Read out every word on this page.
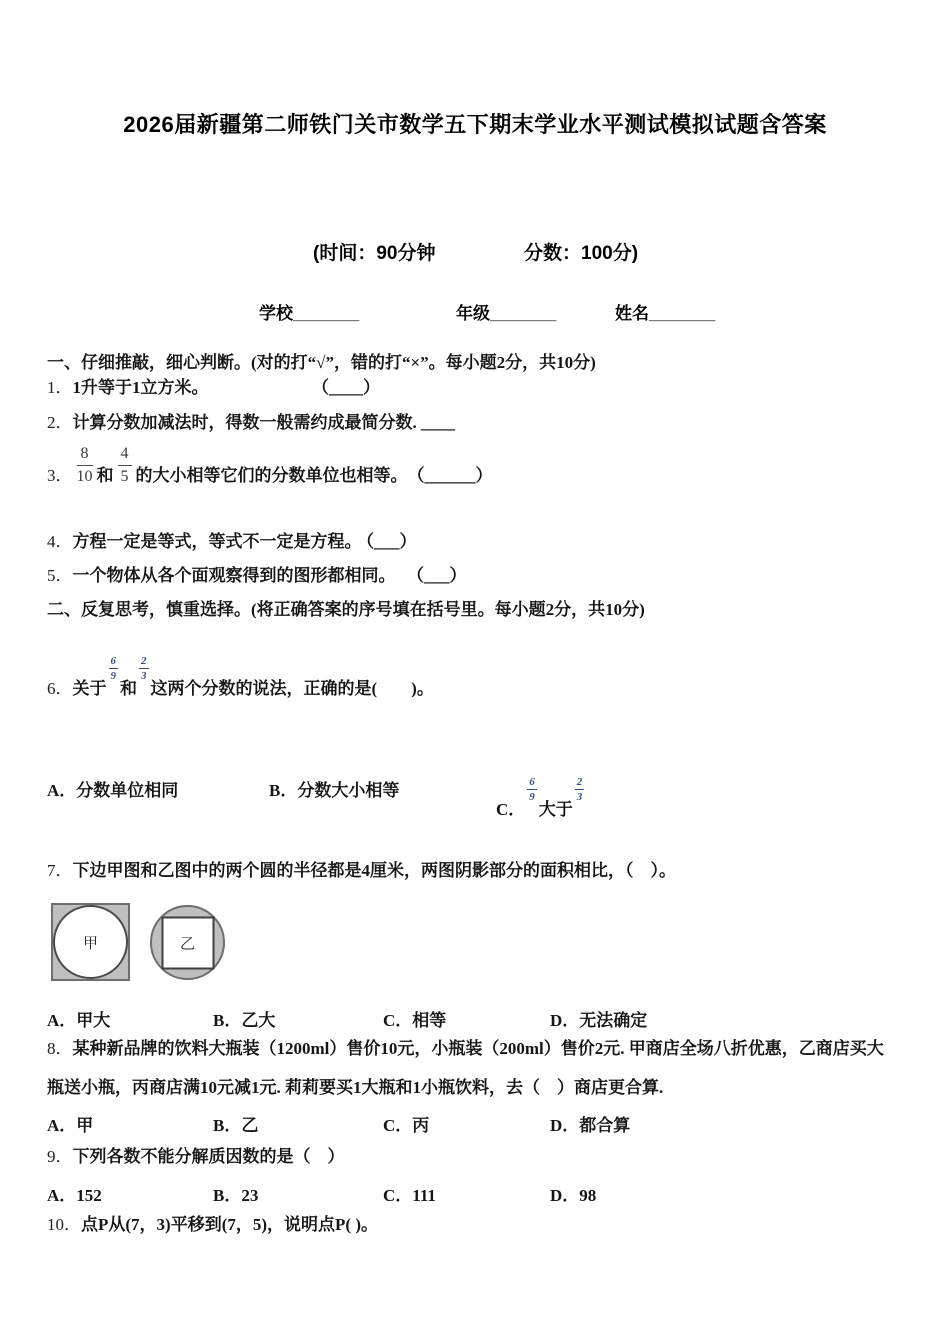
2026届新疆第二师铁门关市数学五下期末学业水平测试模拟试题含答案
(时间：90分钟	分数：100分)
学校_______	年级_______	姓名_______
一、仔细推敲，细心判断。(对的打“√”，错的打“×”。每小题2分，共10分)
1．1升等于1立方米。	（____）
2．计算分数加减法时，得数一般需约成最简分数. ____
3． $\frac{8}{10}$ 和 $\frac{4}{5}$ 的大小相等它们的分数单位也相等。 （______）
4．方程一定是等式，等式不一定是方程。 （___）
5．一个物体从各个面观察得到的图形都相同。 （___）
二、反复思考，慎重选择。(将正确答案的序号填在括号里。每小题2分，共10分)
6．关于
$\frac{6}{9}$
和
$\frac{2}{3}$
这两个分数的说法，正确的是(　　)。
A．分数单位相同	B．分数大小相等
C．
$\frac{6}{9}$
大于
$\frac{2}{3}$
7．下边甲图和乙图中的两个圆的半径都是4厘米，两图阴影部分的面积相比，（　）。
甲	乙
A．甲大	B．乙大	C．相等	D．无法确定
8．某种新品牌的饮料大瓶装（1200ml）售价10元，小瓶装（200ml）售价2元. 甲商店全场八折优惠，乙商店买大
瓶送小瓶，丙商店满10元减1元. 莉莉要买1大瓶和1小瓶饮料，去（　）商店更合算.
A．甲	B．乙	C．丙	D．都合算
9．下列各数不能分解质因数的是（　）
A．152	B．23	C．111	D．98
10．点P从(7，3)平移到(7，5)，说明点P( )。
